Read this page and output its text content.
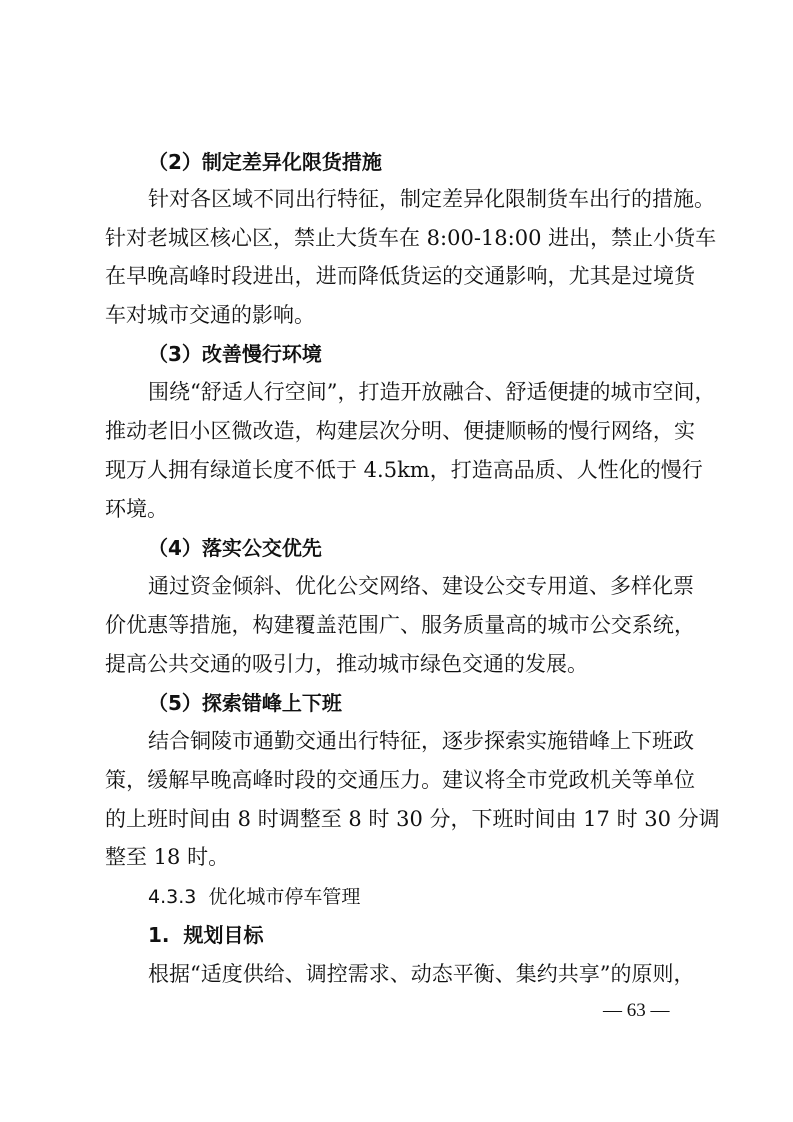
（2）制定差异化限货措施
针对各区域不同出行特征，制定差异化限制货车出行的措施。
针对老城区核心区，禁止大货车在 8:00-18:00 进出，禁止小货车
在早晚高峰时段进出，进而降低货运的交通影响，尤其是过境货
车对城市交通的影响。
（3）改善慢行环境
围绕“舒适人行空间”，打造开放融合、舒适便捷的城市空间，
推动老旧小区微改造，构建层次分明、便捷顺畅的慢行网络，实
现万人拥有绿道长度不低于 4.5km，打造高品质、人性化的慢行
环境。
（4）落实公交优先
通过资金倾斜、优化公交网络、建设公交专用道、多样化票
价优惠等措施，构建覆盖范围广、服务质量高的城市公交系统，
提高公共交通的吸引力，推动城市绿色交通的发展。
（5）探索错峰上下班
结合铜陵市通勤交通出行特征，逐步探索实施错峰上下班政
策，缓解早晚高峰时段的交通压力。建议将全市党政机关等单位
的上班时间由 8 时调整至 8 时 30 分，下班时间由 17 时 30 分调
整至 18 时。
4.3.3  优化城市停车管理
1.  规划目标
根据“适度供给、调控需求、动态平衡、集约共享”的原则，
— 63 —
